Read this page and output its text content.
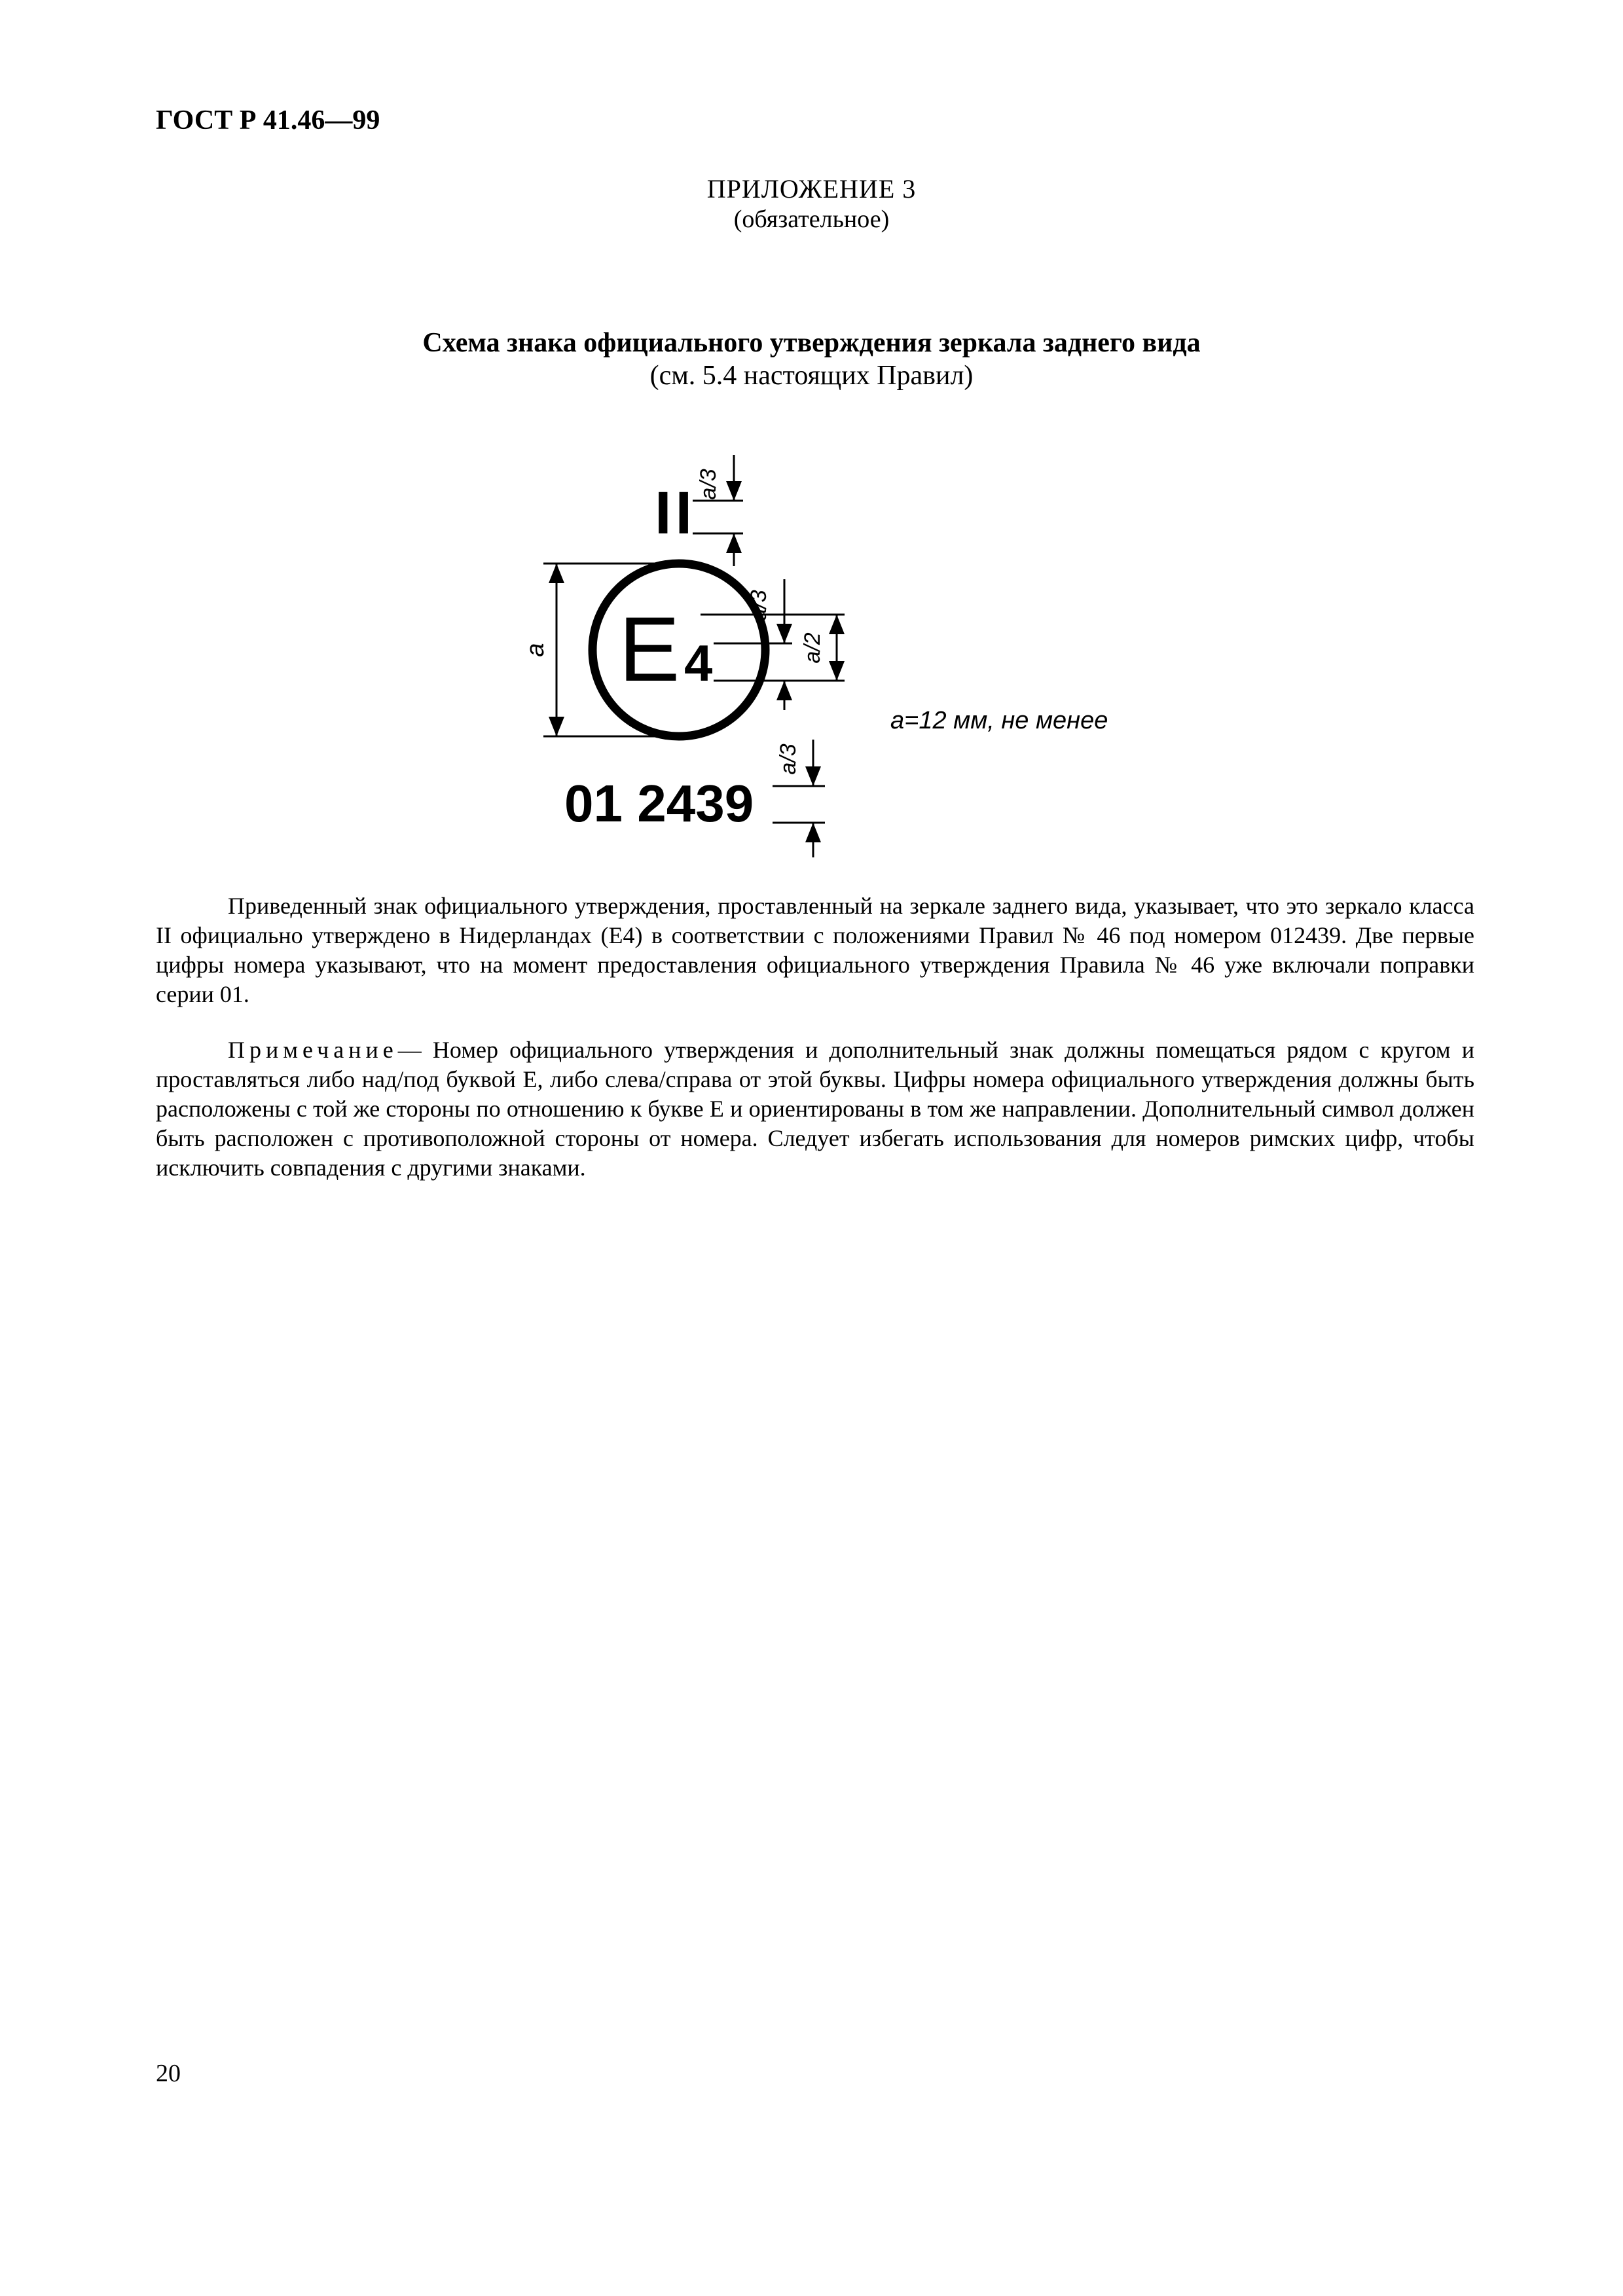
ГОСТ Р 41.46—99
ПРИЛОЖЕНИЕ 3
(обязательное)
Схема знака официального утверждения зеркала заднего вида
(см. 5.4 настоящих Правил)
II a/3
E 4
a
a/3
a/2
a=12 мм, не менее
01 2439
a/3

Приведенный знак официального утверждения, проставленный на зеркале заднего вида, указывает, что это зеркало класса II официально утверждено в Нидерландах (Е4) в соответствии с положениями Правил № 46 под номером 012439. Две первые цифры номера указывают, что на момент предоставления официального утверждения Правила № 46 уже включали поправки серии 01.

Примечание— Номер официального утверждения и дополнительный знак должны помещаться рядом с кругом и проставляться либо над/под буквой Е, либо слева/справа от этой буквы. Цифры номера официального утверждения должны быть расположены с той же стороны по отношению к букве Е и ориентированы в том же направлении. Дополнительный символ должен быть расположен с противоположной стороны от номера. Следует избегать использования для номеров римских цифр, чтобы исключить совпадения с другими знаками.

20
